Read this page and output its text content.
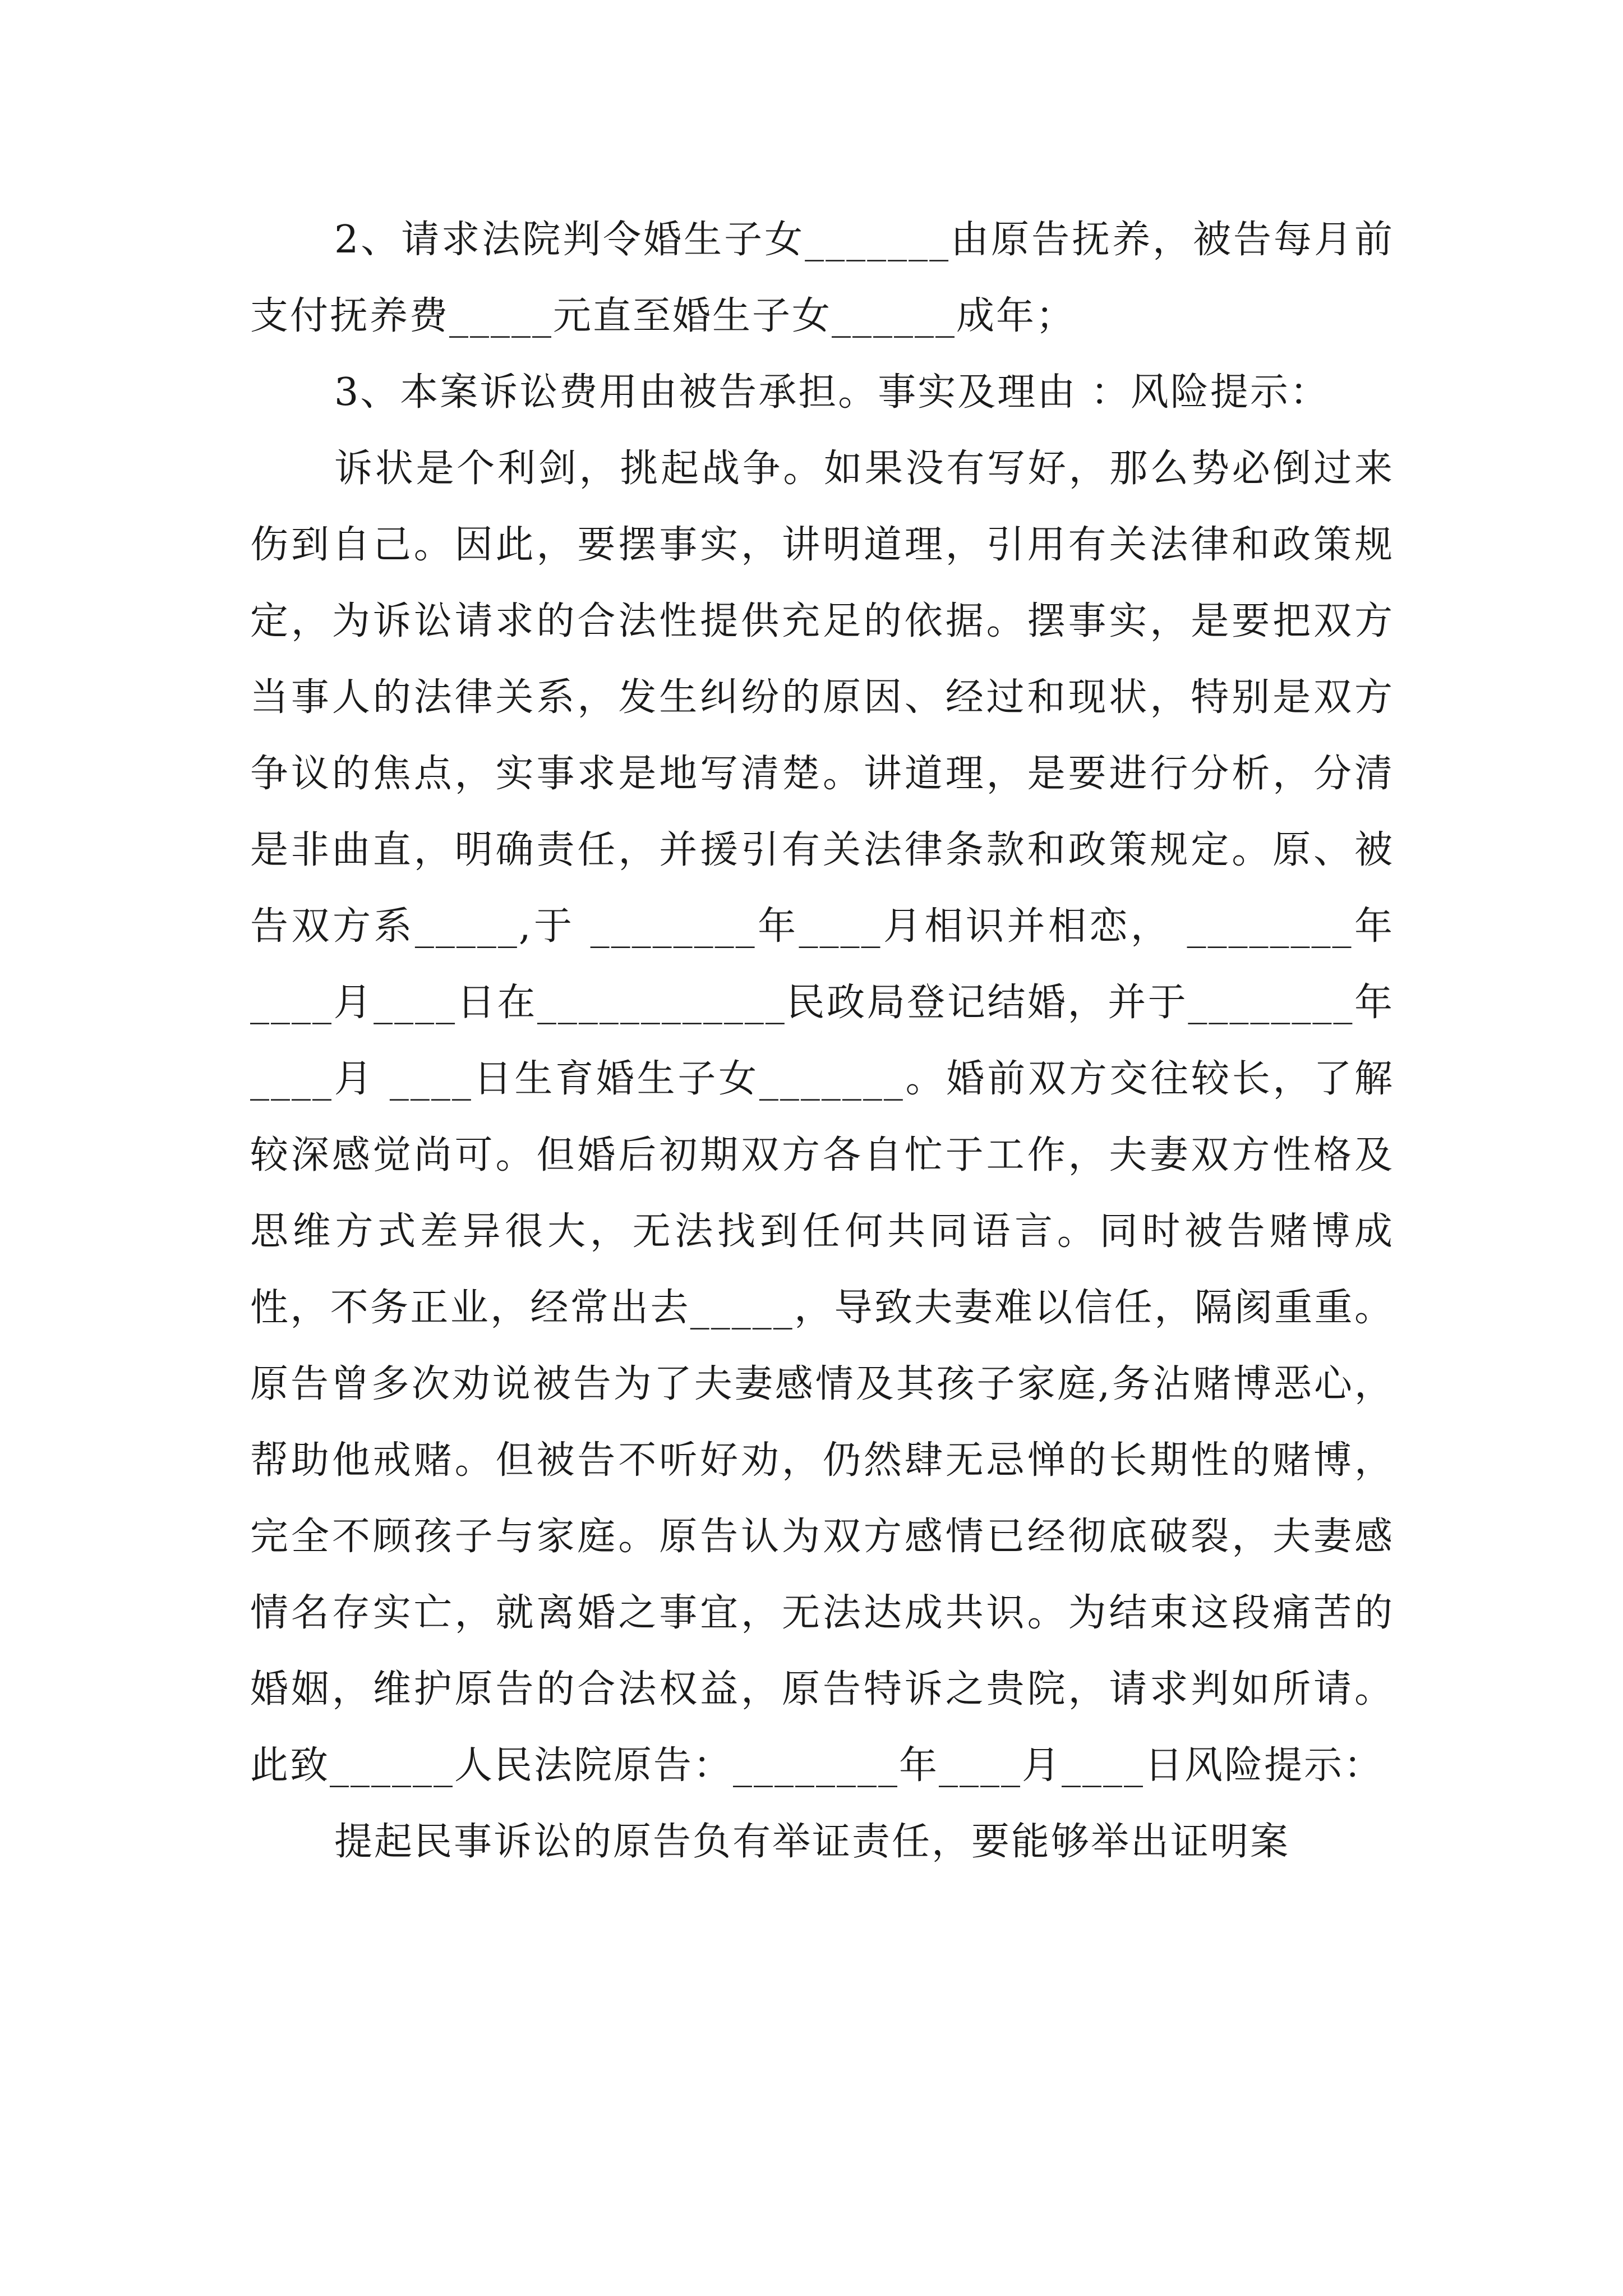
2、请求法院判令婚生子女_______由原告抚养，被告每月前支付抚养费_____元直至婚生子女______成年；

3、本案诉讼费用由被告承担。事实及理由 ：风险提示：

诉状是个利剑，挑起战争。如果没有写好，那么势必倒过来伤到自己。因此，要摆事实，讲明道理，引用有关法律和政策规定，为诉讼请求的合法性提供充足的依据。摆事实，是要把双方当事人的法律关系，发生纠纷的原因、经过和现状，特别是双方争议的焦点，实事求是地写清楚。讲道理，是要进行分析，分清是非曲直，明确责任，并援引有关法律条款和政策规定。原、被告双方系_____,于 ________年____月相识并相恋， ________年 ____月____日在____________民政局登记结婚，并于________年____月 ____日生育婚生子女_______。婚前双方交往较长，了解较深感觉尚可。但婚后初期双方各自忙于工作，夫妻双方性格及思维方式差异很大，无法找到任何共同语言。同时被告赌博成性，不务正业，经常出去_____，导致夫妻难以信任，隔阂重重。原告曾多次劝说被告为了夫妻感情及其孩子家庭,务沾赌博恶心，帮助他戒赌。但被告不听好劝，仍然肆无忌惮的长期性的赌博，完全不顾孩子与家庭。原告认为双方感情已经彻底破裂，夫妻感情名存实亡，就离婚之事宜，无法达成共识。为结束这段痛苦的婚姻，维护原告的合法权益，原告特诉之贵院，请求判如所请。此致______人民法院原告：________年____月____日风险提示：

提起民事诉讼的原告负有举证责任，要能够举出证明案
